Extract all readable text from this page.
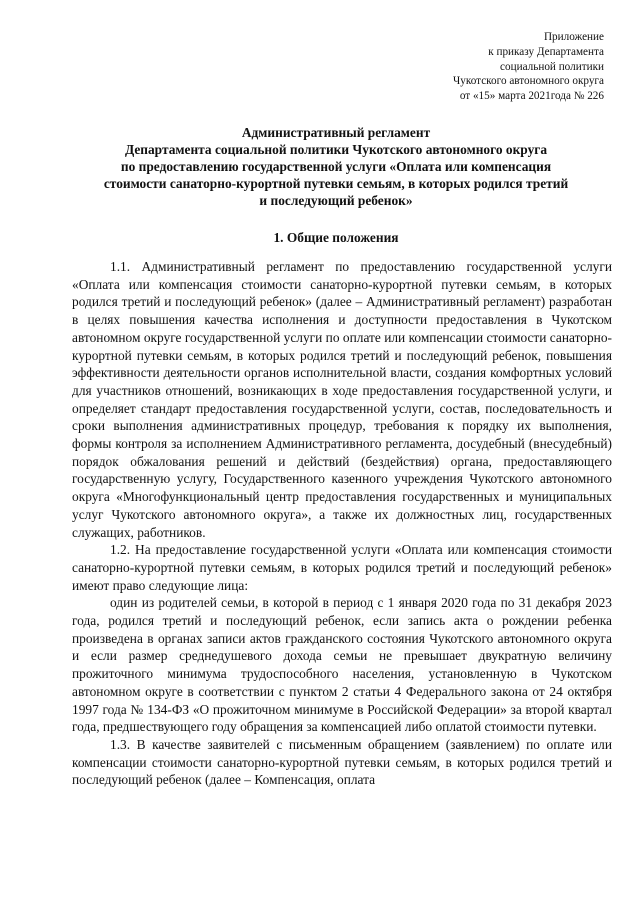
Приложение
к приказу Департамента
социальной политики
Чукотского автономного округа
от «15» марта 2021года № 226
Административный регламент
Департамента социальной политики Чукотского автономного округа
по предоставлению государственной услуги «Оплата или компенсация
стоимости санаторно-курортной путевки семьям, в которых родился третий
и последующий ребенок»
1. Общие положения

1.1. Административный регламент по предоставлению государственной услуги «Оплата или компенсация стоимости санаторно-курортной путевки семьям, в которых родился третий и последующий ребенок» (далее – Административный регламент) разработан в целях повышения качества исполнения и доступности предоставления в Чукотском автономном округе государственной услуги по оплате или компенсации стоимости санаторно-курортной путевки семьям, в которых родился третий и последующий ребенок, повышения эффективности деятельности органов исполнительной власти, создания комфортных условий для участников отношений, возникающих в ходе предоставления государственной услуги, и определяет стандарт предоставления государственной услуги, состав, последовательность и сроки выполнения административных процедур, требования к порядку их выполнения, формы контроля за исполнением Административного регламента, досудебный (внесудебный) порядок обжалования решений и действий (бездействия) органа, предоставляющего государственную услугу, Государственного казенного учреждения Чукотского автономного округа «Многофункциональный центр предоставления государственных и муниципальных услуг Чукотского автономного округа», а также их должностных лиц, государственных служащих, работников.

1.2. На предоставление государственной услуги «Оплата или компенсация стоимости санаторно-курортной путевки семьям, в которых родился третий и последующий ребенок» имеют право следующие лица:

один из родителей семьи, в которой в период с 1 января 2020 года по 31 декабря 2023 года, родился третий и последующий ребенок, если запись акта о рождении ребенка произведена в органах записи актов гражданского состояния Чукотского автономного округа и если размер среднедушевого дохода семьи не превышает двукратную величину прожиточного минимума трудоспособного населения, установленную в Чукотском автономном округе в соответствии с пунктом 2 статьи 4 Федерального закона от 24 октября 1997 года № 134-ФЗ «О прожиточном минимуме в Российской Федерации» за второй квартал года, предшествующего году обращения за компенсацией либо оплатой стоимости путевки.

1.3. В качестве заявителей с письменным обращением (заявлением) по оплате или компенсации стоимости санаторно-курортной путевки семьям, в которых родился третий и последующий ребенок (далее – Компенсация, оплата
